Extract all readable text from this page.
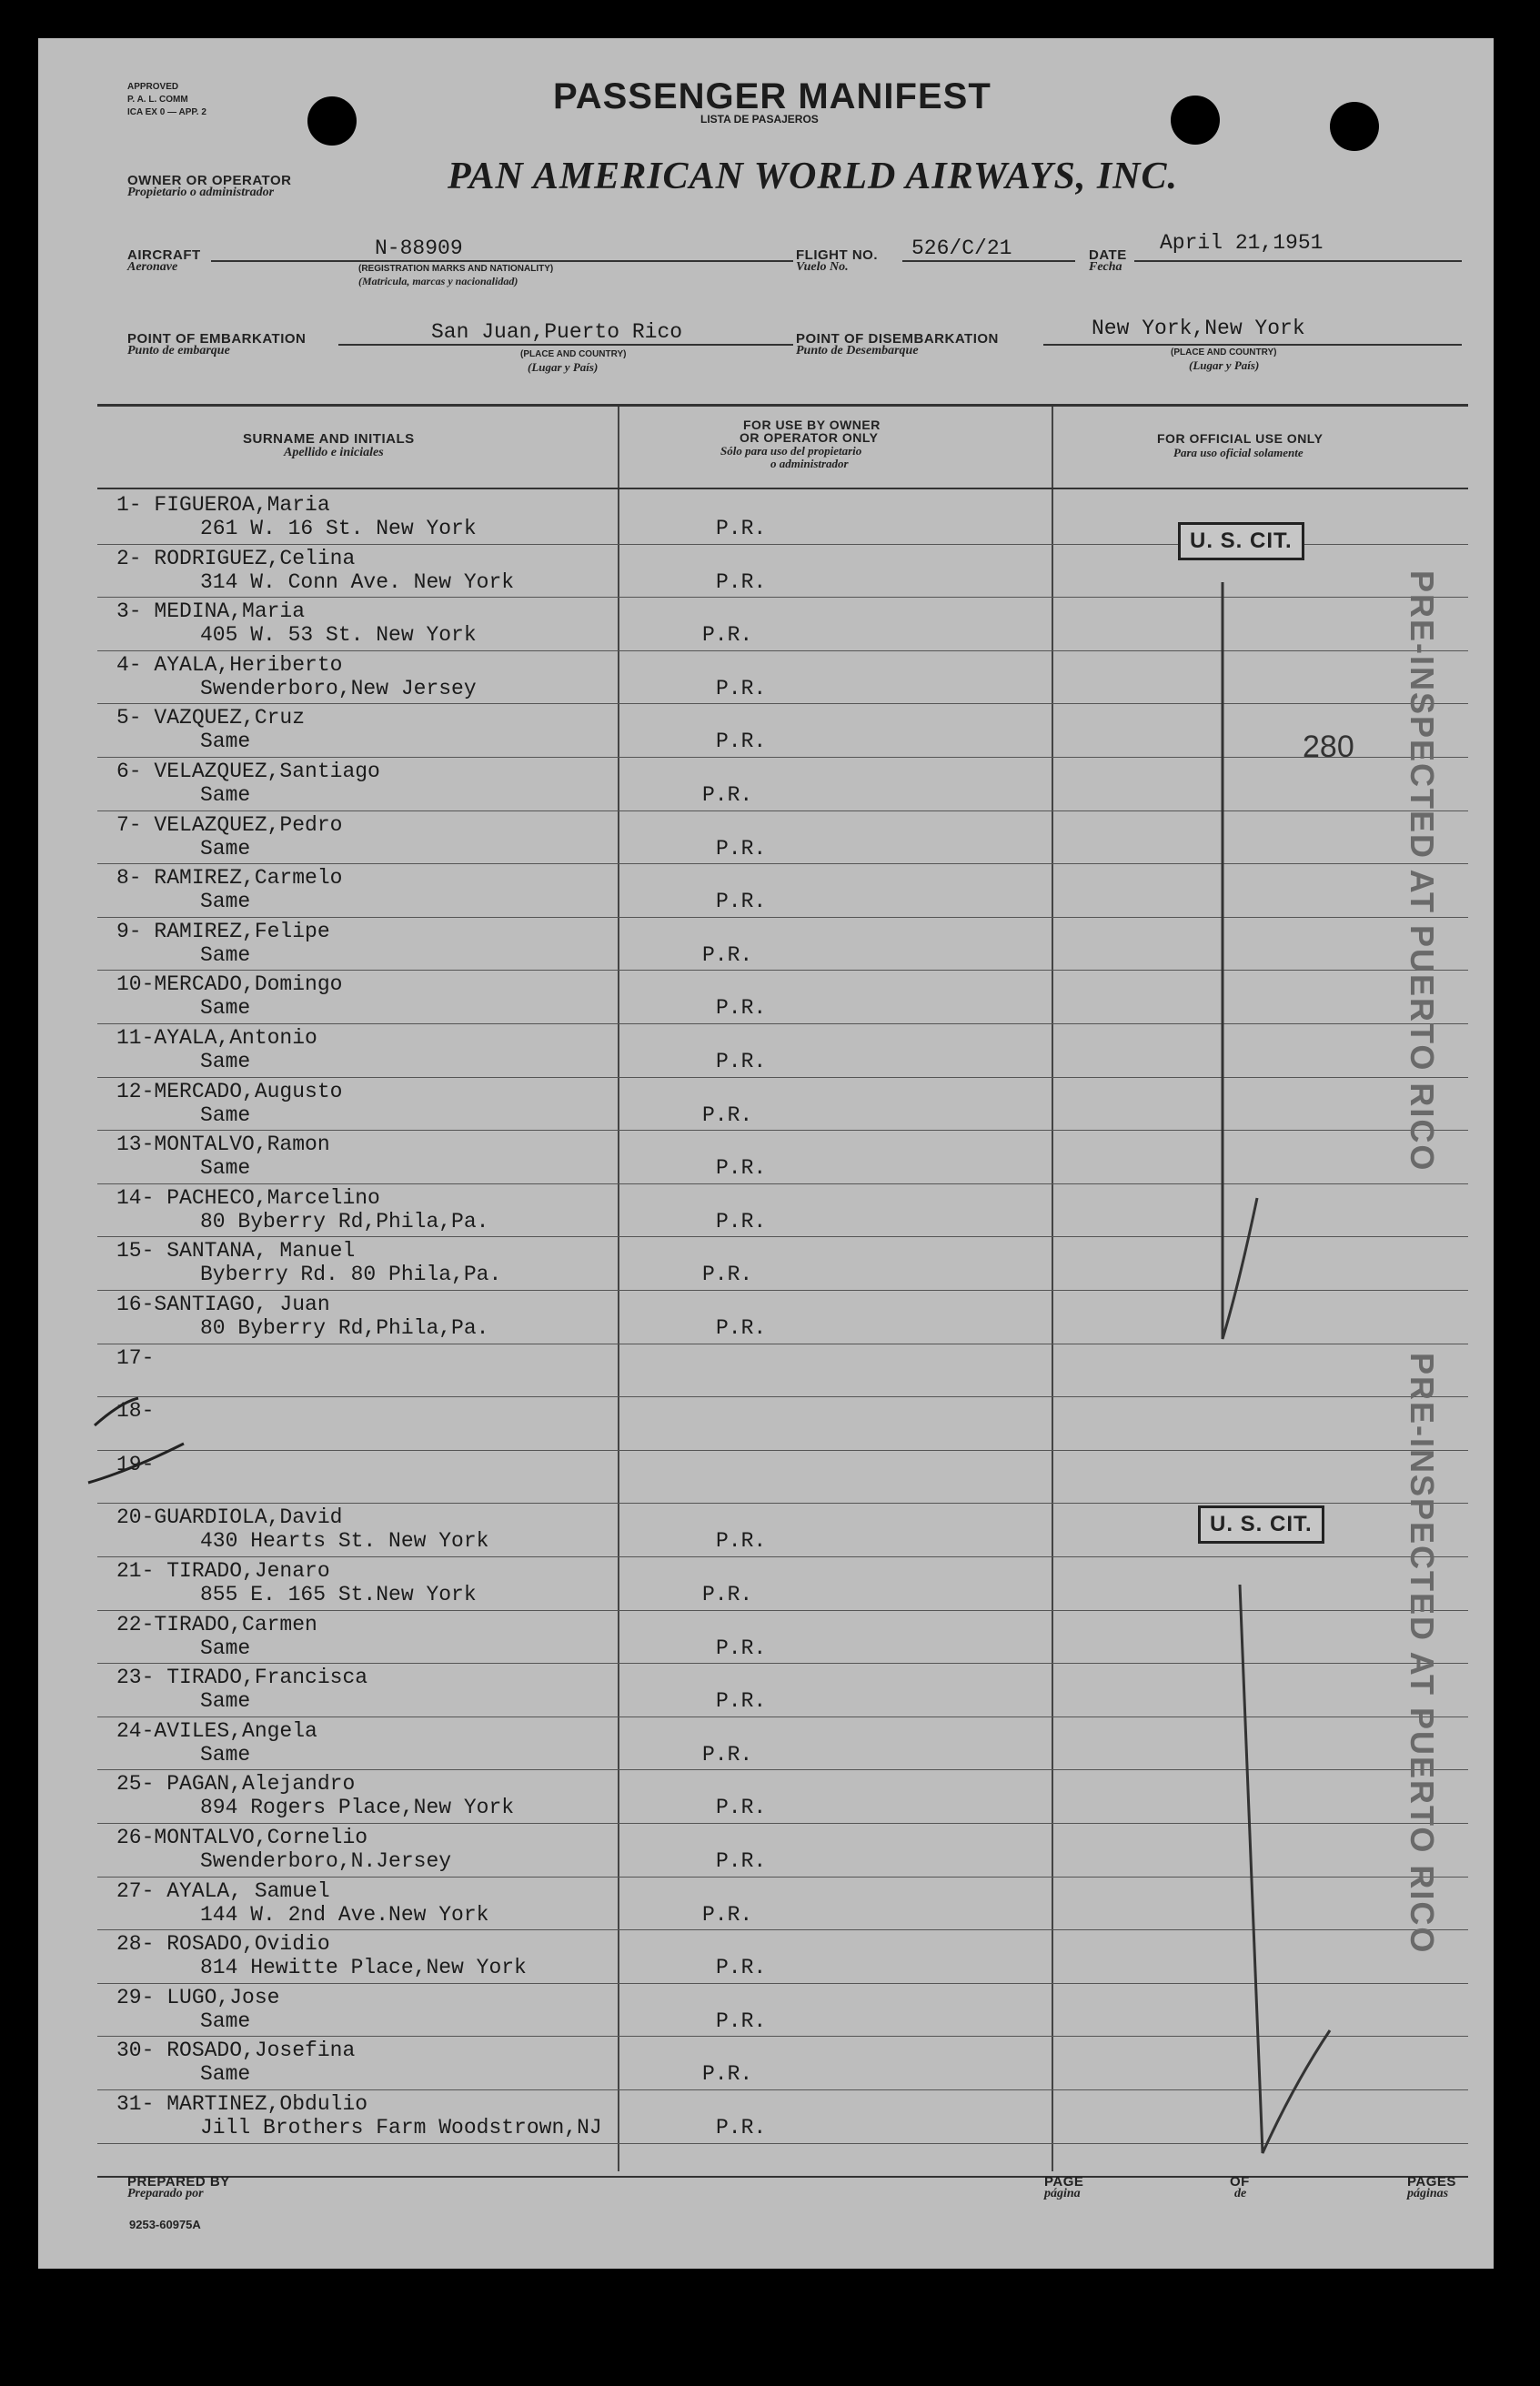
APPROVED
P. A. L. COMM
ICA EX 0 — APP. 2	PASSENGER MANIFEST
LISTA DE PASAJEROS
OWNER OR OPERATOR
Propietario o administrador	PAN AMERICAN WORLD AIRWAYS, INC.
AIRCRAFT
Aeronave
N-88909
(REGISTRATION MARKS AND NATIONALITY)
(Matricula, marcas y nacionalidad)
FLIGHT NO.
Vuelo No.
526/C/21	DATE
Fecha
April 21,1951
POINT OF EMBARKATION
Punto de embarque
San Juan,Puerto Rico
(PLACE AND COUNTRY)
(Lugar y País)
POINT OF DISEMBARKATION
Punto de Desembarque
New York,New York
(PLACE AND COUNTRY)
(Lugar y País)
SURNAME AND INITIALS
Apellido e iniciales
FOR USE BY OWNER
OR OPERATOR ONLY
Sólo para uso del propietario
o administrador
FOR OFFICIAL USE ONLY
Para uso oficial solamente
1- FIGUEROA,Maria
261 W. 16 St. New York	P.R.
2- RODRIGUEZ,Celina
314 W. Conn Ave. New York	P.R.
3- MEDINA,Maria
405 W. 53 St. New York	P.R.
4- AYALA,Heriberto
Swenderboro,New Jersey	P.R.
5- VAZQUEZ,Cruz
Same	P.R.
6- VELAZQUEZ,Santiago
Same	P.R.
7- VELAZQUEZ,Pedro
Same	P.R.
8- RAMIREZ,Carmelo
Same	P.R.
9- RAMIREZ,Felipe
Same	P.R.
10-MERCADO,Domingo
Same	P.R.
11-AYALA,Antonio
Same	P.R.
12-MERCADO,Augusto
Same	P.R.
13-MONTALVO,Ramon
Same	P.R.
14- PACHECO,Marcelino
80 Byberry Rd,Phila,Pa.	P.R.
15- SANTANA, Manuel
Byberry Rd. 80 Phila,Pa.	P.R.
16-SANTIAGO, Juan
80 Byberry Rd,Phila,Pa.	P.R.
17-
18-
19-
20-GUARDIOLA,David
430 Hearts St. New York	P.R.
21- TIRADO,Jenaro
855 E. 165 St.New York	P.R.
22-TIRADO,Carmen
Same	P.R.
23- TIRADO,Francisca
Same	P.R.
24-AVILES,Angela
Same	P.R.
25- PAGAN,Alejandro
894 Rogers Place,New York	P.R.
26-MONTALVO,Cornelio
Swenderboro,N.Jersey	P.R.
27- AYALA, Samuel
144 W. 2nd Ave.New York	P.R.
28- ROSADO,Ovidio
814 Hewitte Place,New York	P.R.
29- LUGO,Jose
Same	P.R.
30- ROSADO,Josefina
Same	P.R.
31- MARTINEZ,Obdulio
Jill Brothers Farm Woodstrown,NJ	P.R.
U. S. CIT.
280
U. S. CIT.
PRE-INSPECTED AT PUERTO RICO
PRE-INSPECTED AT PUERTO RICO
PREPARED BY
Preparado por
PAGE
página
OF
de
PAGES
páginas
9253-60975A
